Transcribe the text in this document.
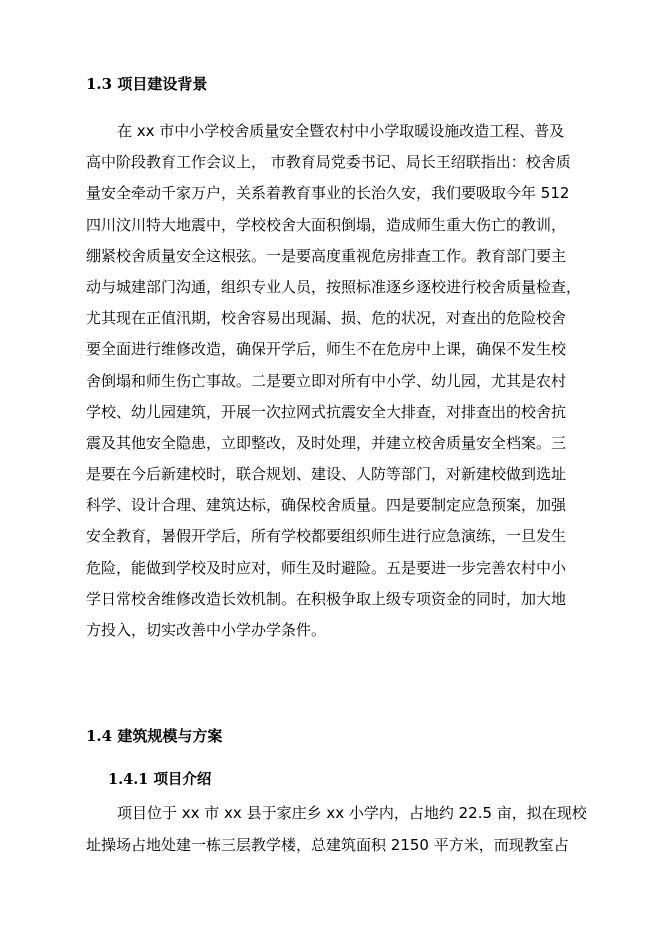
1.3 项目建设背景
在 xx 市中小学校舍质量安全暨农村中小学取暖设施改造工程、普及
高中阶段教育工作会议上， 市教育局党委书记、局长王绍联指出：校舍质
量安全牵动千家万户，关系着教育事业的长治久安，我们要吸取今年 512
四川汶川特大地震中，学校校舍大面积倒塌，造成师生重大伤亡的教训，
绷紧校舍质量安全这根弦。一是要高度重视危房排查工作。教育部门要主
动与城建部门沟通，组织专业人员，按照标准逐乡逐校进行校舍质量检查，
尤其现在正值汛期，校舍容易出现漏、损、危的状况，对查出的危险校舍
要全面进行维修改造，确保开学后，师生不在危房中上课，确保不发生校
舍倒塌和师生伤亡事故。二是要立即对所有中小学、幼儿园，尤其是农村
学校、幼儿园建筑，开展一次拉网式抗震安全大排查，对排查出的校舍抗
震及其他安全隐患，立即整改，及时处理，并建立校舍质量安全档案。三
是要在今后新建校时，联合规划、建设、人防等部门，对新建校做到选址
科学、设计合理、建筑达标，确保校舍质量。四是要制定应急预案，加强
安全教育，暑假开学后，所有学校都要组织师生进行应急演练，一旦发生
危险，能做到学校及时应对，师生及时避险。五是要进一步完善农村中小
学日常校舍维修改造长效机制。在积极争取上级专项资金的同时，加大地
方投入，切实改善中小学办学条件。
1.4 建筑规模与方案
1.4.1 项目介绍
项目位于 xx 市 xx 县于家庄乡 xx 小学内，占地约 22.5 亩，拟在现校
址操场占地处建一栋三层教学楼，总建筑面积 2150 平方米，而现教室占
